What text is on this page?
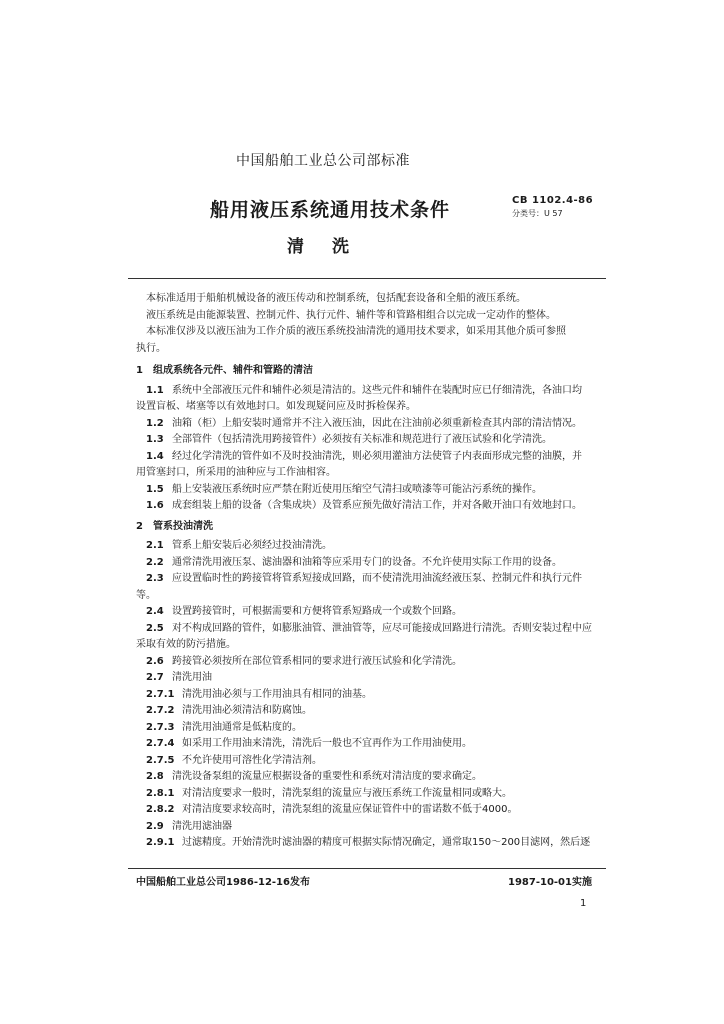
中国船舶工业总公司部标准
船用液压系统通用技术条件
清洗
CB 1102.4-86
分类号：U 57
本标准适用于船舶机械设备的液压传动和控制系统，包括配套设备和全船的液压系统。
液压系统是由能源装置、控制元件、执行元件、辅件等和管路相组合以完成一定动作的整体。
本标准仅涉及以液压油为工作介质的液压系统投油清洗的通用技术要求，如采用其他介质可参照
执行。
1　组成系统各元件、辅件和管路的清洁
1.1 系统中全部液压元件和辅件必须是清洁的。这些元件和辅件在装配时应已仔细清洗，各油口均
设置盲板、堵塞等以有效地封口。如发现疑问应及时拆检保养。
1.2 油箱（柜）上船安装时通常并不注入液压油，因此在注油前必须重新检查其内部的清洁情况。
1.3 全部管件（包括清洗用跨接管件）必须按有关标准和规范进行了液压试验和化学清洗。
1.4 经过化学清洗的管件如不及时投油清洗，则必须用灌油方法使管子内表面形成完整的油膜，并
用管塞封口，所采用的油种应与工作油相容。
1.5 船上安装液压系统时应严禁在附近使用压缩空气清扫或喷漆等可能沾污系统的操作。
1.6 成套组装上船的设备（含集成块）及管系应预先做好清洁工作，并对各敞开油口有效地封口。
2　管系投油清洗
2.1 管系上船安装后必须经过投油清洗。
2.2 通常清洗用液压泵、滤油器和油箱等应采用专门的设备。不允许使用实际工作用的设备。
2.3 应设置临时性的跨接管将管系短接成回路，而不使清洗用油流经液压泵、控制元件和执行元件
等。
2.4 设置跨接管时，可根据需要和方便将管系短路成一个或数个回路。
2.5 对不构成回路的管件，如膨胀油管、泄油管等，应尽可能接成回路进行清洗。否则安装过程中应
采取有效的防污措施。
2.6 跨接管必须按所在部位管系相同的要求进行液压试验和化学清洗。
2.7 清洗用油
2.7.1 清洗用油必须与工作用油具有相同的油基。
2.7.2 清洗用油必须清洁和防腐蚀。
2.7.3 清洗用油通常是低粘度的。
2.7.4 如采用工作用油来清洗，清洗后一般也不宜再作为工作用油使用。
2.7.5 不允许使用可溶性化学清洁剂。
2.8 清洗设备泵组的流量应根据设备的重要性和系统对清洁度的要求确定。
2.8.1 对清洁度要求一般时，清洗泵组的流量应与液压系统工作流量相同或略大。
2.8.2 对清洁度要求较高时，清洗泵组的流量应保证管件中的雷诺数不低于4000。
2.9 清洗用滤油器
2.9.1 过滤精度。开始清洗时滤油器的精度可根据实际情况确定，通常取150～200目滤网，然后逐
中国船舶工业总公司1986-12-16发布	1987-10-01实施
1
